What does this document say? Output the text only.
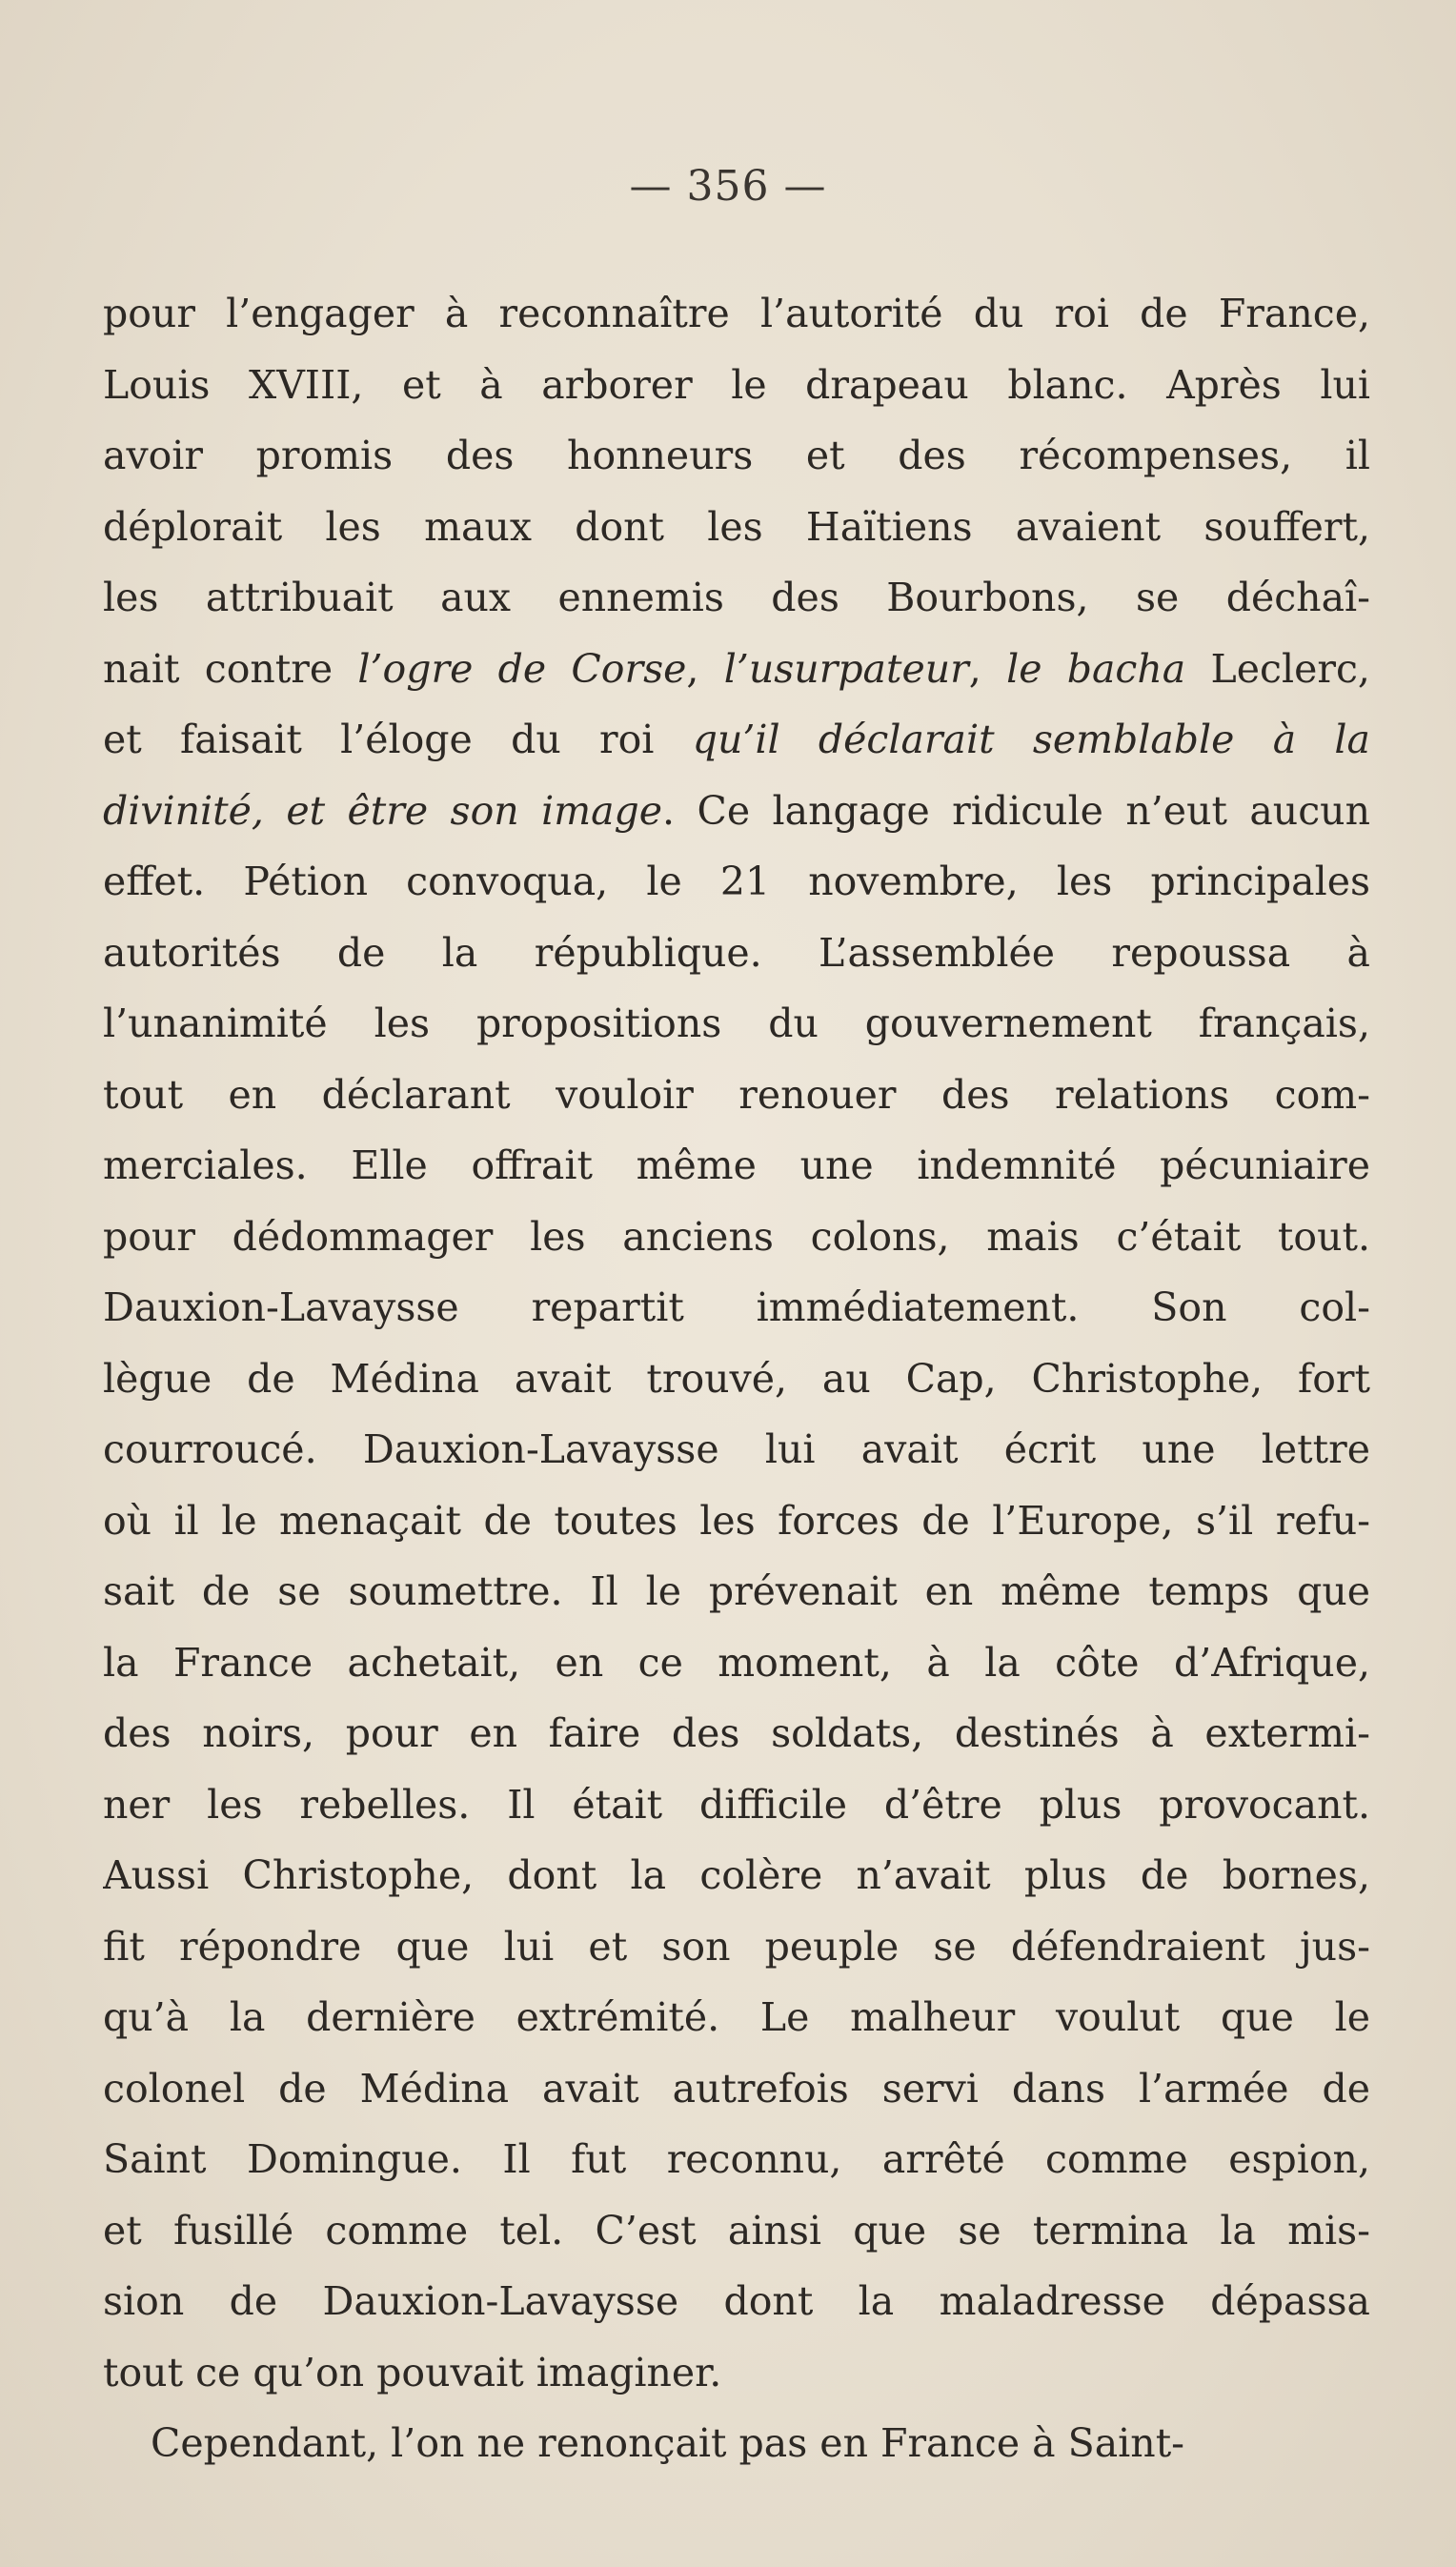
— 356 —
pour l’engager à reconnaître l’autorité du roi de France,
Louis XVIII, et à arborer le drapeau blanc. Après lui
avoir promis des honneurs et des récompenses, il
déplorait les maux dont les Haïtiens avaient souffert,
les attribuait aux ennemis des Bourbons, se déchaî-
nait contre l’ogre de Corse, l’usurpateur, le bacha Leclerc,
et faisait l’éloge du roi qu’il déclarait semblable à la
divinité, et être son image. Ce langage ridicule n’eut aucun
effet. Pétion convoqua, le 21 novembre, les principales
autorités de la république. L’assemblée repoussa à
l’unanimité les propositions du gouvernement français,
tout en déclarant vouloir renouer des relations com-
merciales. Elle offrait même une indemnité pécuniaire
pour dédommager les anciens colons, mais c’était tout.
Dauxion-Lavaysse repartit immédiatement. Son col-
lègue de Médina avait trouvé, au Cap, Christophe, fort
courroucé. Dauxion-Lavaysse lui avait écrit une lettre
où il le menaçait de toutes les forces de l’Europe, s’il refu-
sait de se soumettre. Il le prévenait en même temps que
la France achetait, en ce moment, à la côte d’Afrique,
des noirs, pour en faire des soldats, destinés à extermi-
ner les rebelles. Il était difficile d’être plus provocant.
Aussi Christophe, dont la colère n’avait plus de bornes,
fit répondre que lui et son peuple se défendraient jus-
qu’à la dernière extrémité. Le malheur voulut que le
colonel de Médina avait autrefois servi dans l’armée de
Saint Domingue. Il fut reconnu, arrêté comme espion,
et fusillé comme tel. C’est ainsi que se termina la mis-
sion de Dauxion-Lavaysse dont la maladresse dépassa
tout ce qu’on pouvait imaginer.
Cependant, l’on ne renonçait pas en France à Saint-
